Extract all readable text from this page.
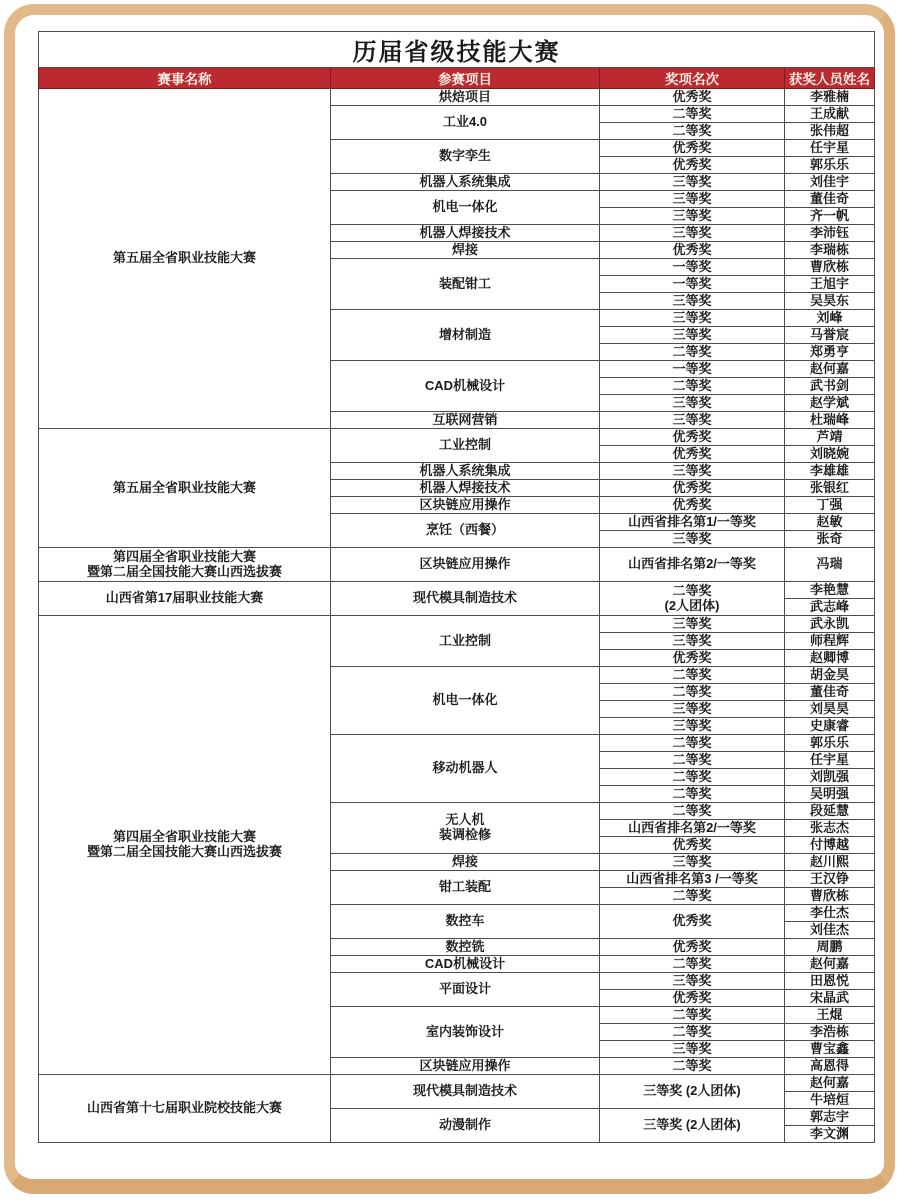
历届省级技能大赛			
赛事名称	参赛项目	奖项名次	获奖人员姓名
第五届全省职业技能大赛	烘焙项目	优秀奖	李雅楠
	工业4.0	二等奖	王成献
		二等奖	张伟超
	数字孪生	优秀奖	任宇星
		优秀奖	郭乐乐
	机器人系统集成	三等奖	刘佳宇
	机电一体化	三等奖	董佳奇
		三等奖	齐一帆
	机器人焊接技术	三等奖	李沛钰
	焊接	优秀奖	李瑞栋
	装配钳工	一等奖	曹欣栋
		一等奖	王旭宇
		三等奖	吴昊东
	增材制造	三等奖	刘峰
		三等奖	马誉宸
		二等奖	郑勇亨
	CAD机械设计	一等奖	赵何嘉
		二等奖	武书剑
		三等奖	赵学斌
	互联网营销	三等奖	杜瑞峰
第五届全省职业技能大赛	工业控制	优秀奖	芦靖
		优秀奖	刘晓婉
	机器人系统集成	三等奖	李雄雄
	机器人焊接技术	优秀奖	张银红
	区块链应用操作	优秀奖	丁强
	烹饪（西餐）	山西省排名第1/一等奖	赵敏
		三等奖	张奇
第四届全省职业技能大赛
暨第二届全国技能大赛山西选拔赛	区块链应用操作	山西省排名第2/一等奖	冯瑞
山西省第17届职业技能大赛	现代模具制造技术	二等奖
(2人团体)	李艳慧
			武志峰
第四届全省职业技能大赛
暨第二届全国技能大赛山西选拔赛	工业控制	三等奖	武永凯
		三等奖	师程辉
		优秀奖	赵卿博
	机电一体化	二等奖	胡金昊
		二等奖	董佳奇
		三等奖	刘昊昊
		三等奖	史康睿
	移动机器人	二等奖	郭乐乐
		二等奖	任宇星
		二等奖	刘凯强
		二等奖	吴明强
	无人机
装调检修	二等奖	段延慧
		山西省排名第2/一等奖	张志杰
		优秀奖	付博越
	焊接	三等奖	赵川熙
	钳工装配	山西省排名第3 /一等奖	王汉铮
		二等奖	曹欣栋
	数控车	优秀奖	李仕杰
			刘佳杰
	数控铣	优秀奖	周鹏
	CAD机械设计	二等奖	赵何嘉
	平面设计	三等奖	田恩悦
		优秀奖	宋晶武
	室内装饰设计	二等奖	王焜
		二等奖	李浩栋
		三等奖	曹宝鑫
	区块链应用操作	二等奖	高恩得
山西省第十七届职业院校技能大赛	现代模具制造技术	三等奖 (2人团体)	赵何嘉
			牛培烜
	动漫制作	三等奖 (2人团体)	郭志宇
			李文渊
